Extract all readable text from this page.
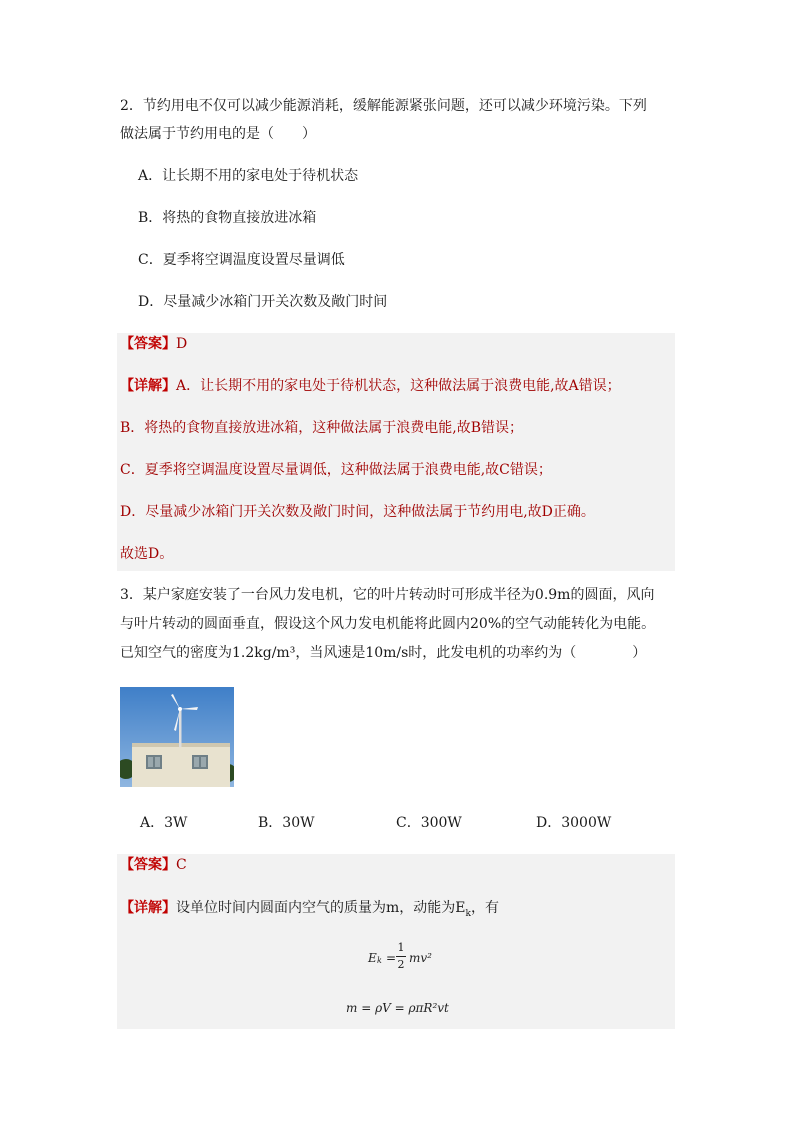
2．节约用电不仅可以减少能源消耗，缓解能源紧张问题，还可以减少环境污染。下列
做法属于节约用电的是（　　）
A．让长期不用的家电处于待机状态
B．将热的食物直接放进冰箱
C．夏季将空调温度设置尽量调低
D．尽量减少冰箱门开关次数及敞门时间
【答案】D
【详解】A．让长期不用的家电处于待机状态，这种做法属于浪费电能,故A错误；
B．将热的食物直接放进冰箱，这种做法属于浪费电能,故B错误；
C．夏季将空调温度设置尽量调低，这种做法属于浪费电能,故C错误；
D．尽量减少冰箱门开关次数及敞门时间，这种做法属于节约用电,故D正确。
故选D。
3．某户家庭安装了一台风力发电机，它的叶片转动时可形成半径为0.9m的圆面，风向
与叶片转动的圆面垂直，假设这个风力发电机能将此圆内20%的空气动能转化为电能。
已知空气的密度为1.2kg/m³，当风速是10m/s时，此发电机的功率约为（　　　　）
A．3W	B．30W	C．300W	D．3000W
【答案】C
【详解】设单位时间内圆面内空气的质量为m，动能为$E_k$，有
E k =
1
2 mv²
m = ρV = ρπR²vt
